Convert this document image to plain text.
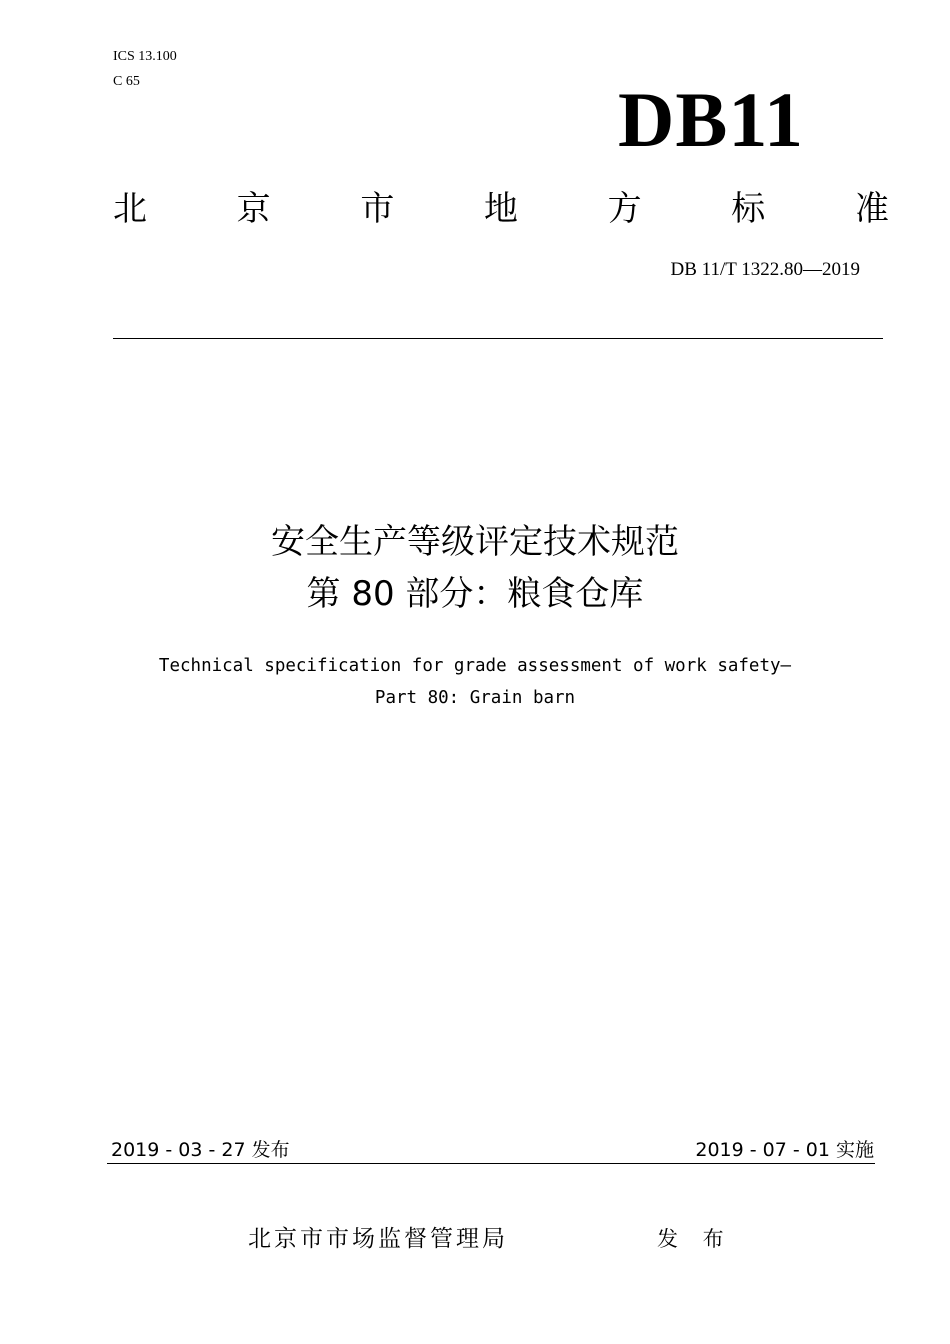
ICS 13.100
C 65	DB11
北	京	市	地	方	标	准
DB 11/T 1322.80—2019
安全生产等级评定技术规范
第 80 部分：粮食仓库
Technical specification for grade assessment of work safety—
Part 80: Grain barn
2019 - 03 - 27 发布	2019 - 07 - 01 实施
北京市市场监督管理局	发 布
